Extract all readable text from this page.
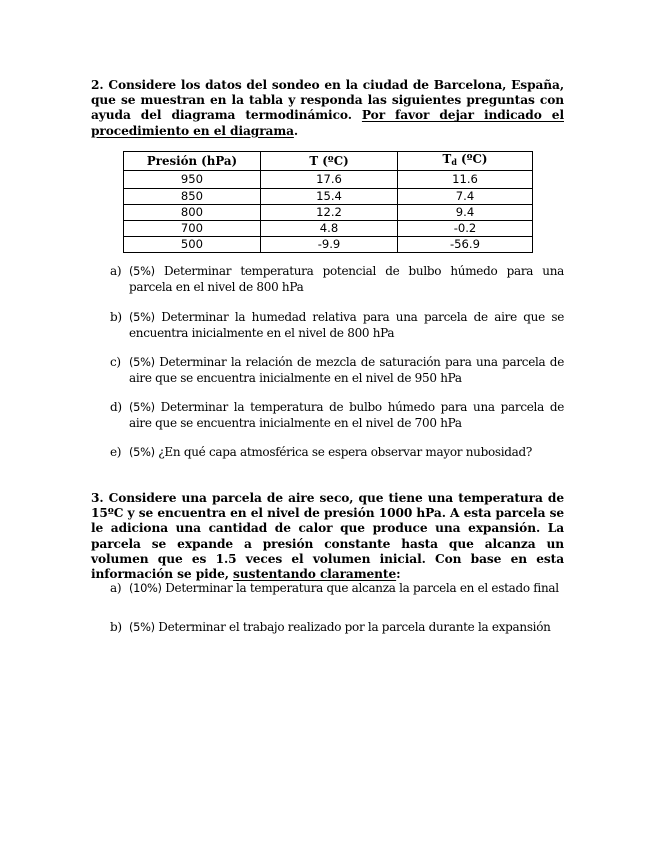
2. Considere los datos del sondeo en la ciudad de Barcelona, España, que se muestran en la tabla y responda las siguientes preguntas con ayuda del diagrama termodinámico. Por favor dejar indicado el procedimiento en el diagrama.
Presión (hPa)	T (ºC)	$T_d$ (ºC)
950	17.6	11.6
850	15.4	7.4
800	12.2	9.4
700	4.8	-0.2
500	-9.9	-56.9
a) (5%) Determinar temperatura potencial de bulbo húmedo para una parcela en el nivel de 800 hPa
b) (5%) Determinar la humedad relativa para una parcela de aire que se encuentra inicialmente en el nivel de 800 hPa
c) (5%) Determinar la relación de mezcla de saturación para una parcela de aire que se encuentra inicialmente en el nivel de 950 hPa
d) (5%) Determinar la temperatura de bulbo húmedo para una parcela de aire que se encuentra inicialmente en el nivel de 700 hPa
e) (5%) ¿En qué capa atmosférica se espera observar mayor nubosidad?
3. Considere una parcela de aire seco, que tiene una temperatura de 15ºC y se encuentra en el nivel de presión 1000 hPa. A esta parcela se le adiciona una cantidad de calor que produce una expansión. La parcela se expande a presión constante hasta que alcanza un volumen que es 1.5 veces el volumen inicial. Con base en esta información se pide, sustentando claramente:
a) (10%) Determinar la temperatura que alcanza la parcela en el estado final
b) (5%) Determinar el trabajo realizado por la parcela durante la expansión
